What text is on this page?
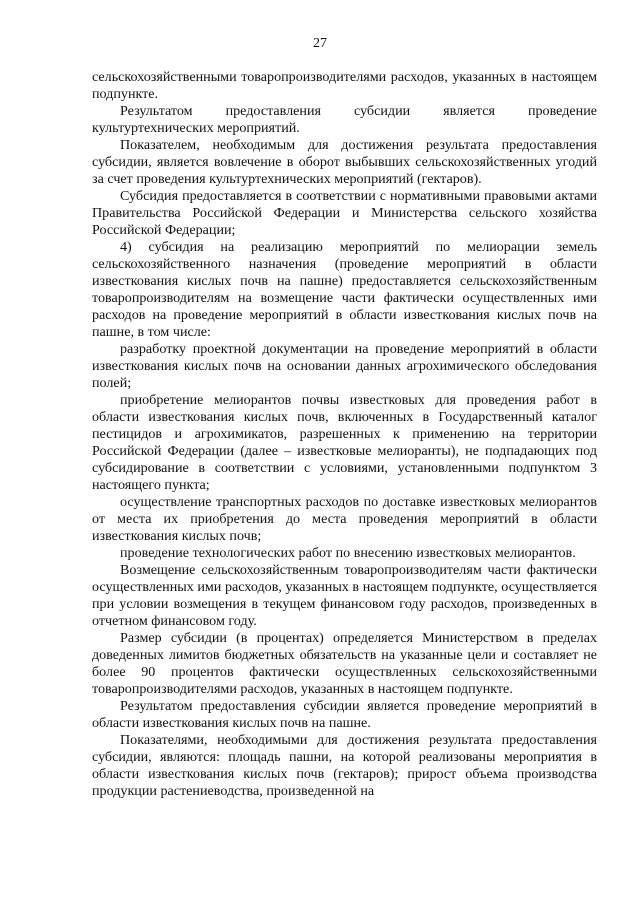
27

сельскохозяйственными товаропроизводителями расходов, указанных в настоящем подпункте.

Результатом предоставления субсидии является проведение культуртехнических мероприятий.

Показателем, необходимым для достижения результата предоставления субсидии, является вовлечение в оборот выбывших сельскохозяйственных угодий за счет проведения культуртехнических мероприятий (гектаров).

Субсидия предоставляется в соответствии с нормативными правовыми актами Правительства Российской Федерации и Министерства сельского хозяйства Российской Федерации;

4) субсидия на реализацию мероприятий по мелиорации земель сельскохозяйственного назначения (проведение мероприятий в области известкования кислых почв на пашне) предоставляется сельскохозяйственным товаропроизводителям на возмещение части фактически осуществленных ими расходов на проведение мероприятий в области известкования кислых почв на пашне, в том числе:

разработку проектной документации на проведение мероприятий в области известкования кислых почв на основании данных агрохимического обследования полей;

приобретение мелиорантов почвы известковых для проведения работ в области известкования кислых почв, включенных в Государственный каталог пестицидов и агрохимикатов, разрешенных к применению на территории Российской Федерации (далее – известковые мелиоранты), не подпадающих под субсидирование в соответствии с условиями, установленными подпунктом 3 настоящего пункта;

осуществление транспортных расходов по доставке известковых мелиорантов от места их приобретения до места проведения мероприятий в области известкования кислых почв;

проведение технологических работ по внесению известковых мелиорантов.

Возмещение сельскохозяйственным товаропроизводителям части фактически осуществленных ими расходов, указанных в настоящем подпункте, осуществляется при условии возмещения в текущем финансовом году расходов, произведенных в отчетном финансовом году.

Размер субсидии (в процентах) определяется Министерством в пределах доведенных лимитов бюджетных обязательств на указанные цели и составляет не более 90 процентов фактически осуществленных сельскохозяйственными товаропроизводителями расходов, указанных в настоящем подпункте.

Результатом предоставления субсидии является проведение мероприятий в области известкования кислых почв на пашне.

Показателями, необходимыми для достижения результата предоставления субсидии, являются: площадь пашни, на которой реализованы мероприятия в области известкования кислых почв (гектаров); прирост объема производства продукции растениеводства, произведенной на
